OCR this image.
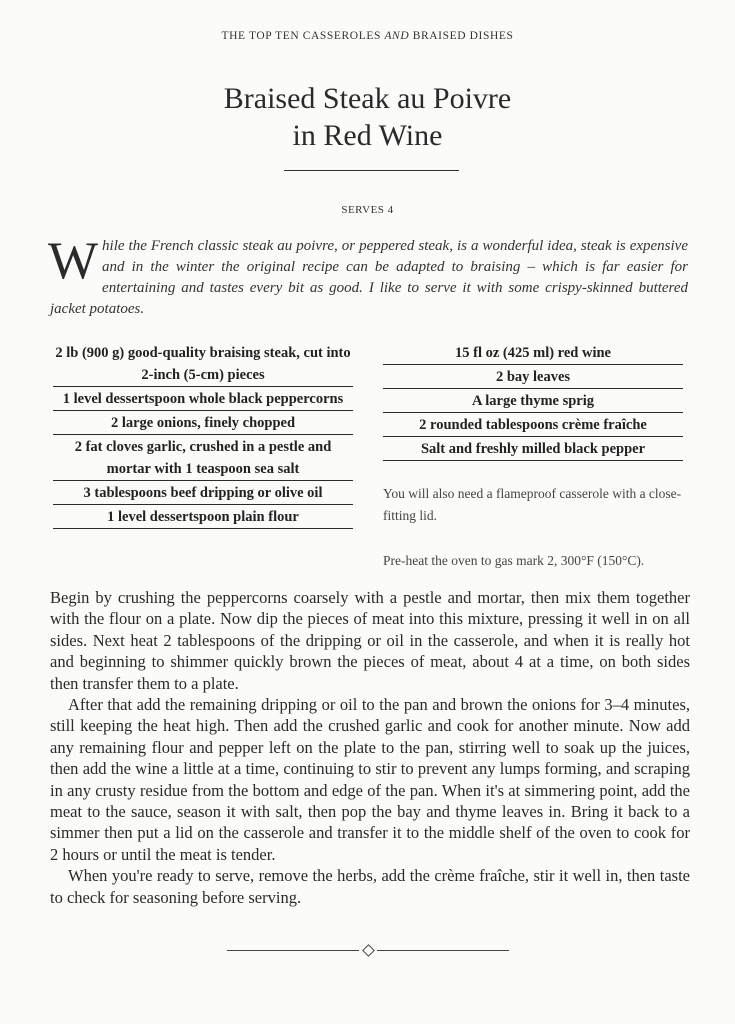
THE TOP TEN CASSEROLES AND BRAISED DISHES
Braised Steak au Poivre
in Red Wine
SERVES 4

While the French classic steak au poivre, or peppered steak, is a wonderful idea, steak is expensive and in the winter the original recipe can be adapted to braising – which is far easier for entertaining and tastes every bit as good. I like to serve it with some crispy-skinned buttered jacket potatoes.

2 lb (900 g) good-quality braising steak, cut into 2-inch (5-cm) pieces
1 level dessertspoon whole black peppercorns
2 large onions, finely chopped
2 fat cloves garlic, crushed in a pestle and mortar with 1 teaspoon sea salt
3 tablespoons beef dripping or olive oil
1 level dessertspoon plain flour
15 fl oz (425 ml) red wine
2 bay leaves
A large thyme sprig
2 rounded tablespoons crème fraîche
Salt and freshly milled black pepper
You will also need a flameproof casserole with a close-fitting lid.
Pre-heat the oven to gas mark 2, 300°F (150°C).

Begin by crushing the peppercorns coarsely with a pestle and mortar, then mix them together with the flour on a plate. Now dip the pieces of meat into this mixture, pressing it well in on all sides. Next heat 2 tablespoons of the dripping or oil in the casserole, and when it is really hot and beginning to shimmer quickly brown the pieces of meat, about 4 at a time, on both sides then transfer them to a plate.

After that add the remaining dripping or oil to the pan and brown the onions for 3–4 minutes, still keeping the heat high. Then add the crushed garlic and cook for another minute. Now add any remaining flour and pepper left on the plate to the pan, stirring well to soak up the juices, then add the wine a little at a time, continuing to stir to prevent any lumps forming, and scraping in any crusty residue from the bottom and edge of the pan. When it's at simmering point, add the meat to the sauce, season it with salt, then pop the bay and thyme leaves in. Bring it back to a simmer then put a lid on the casserole and transfer it to the middle shelf of the oven to cook for 2 hours or until the meat is tender.

When you're ready to serve, remove the herbs, add the crème fraîche, stir it well in, then taste to check for seasoning before serving.
